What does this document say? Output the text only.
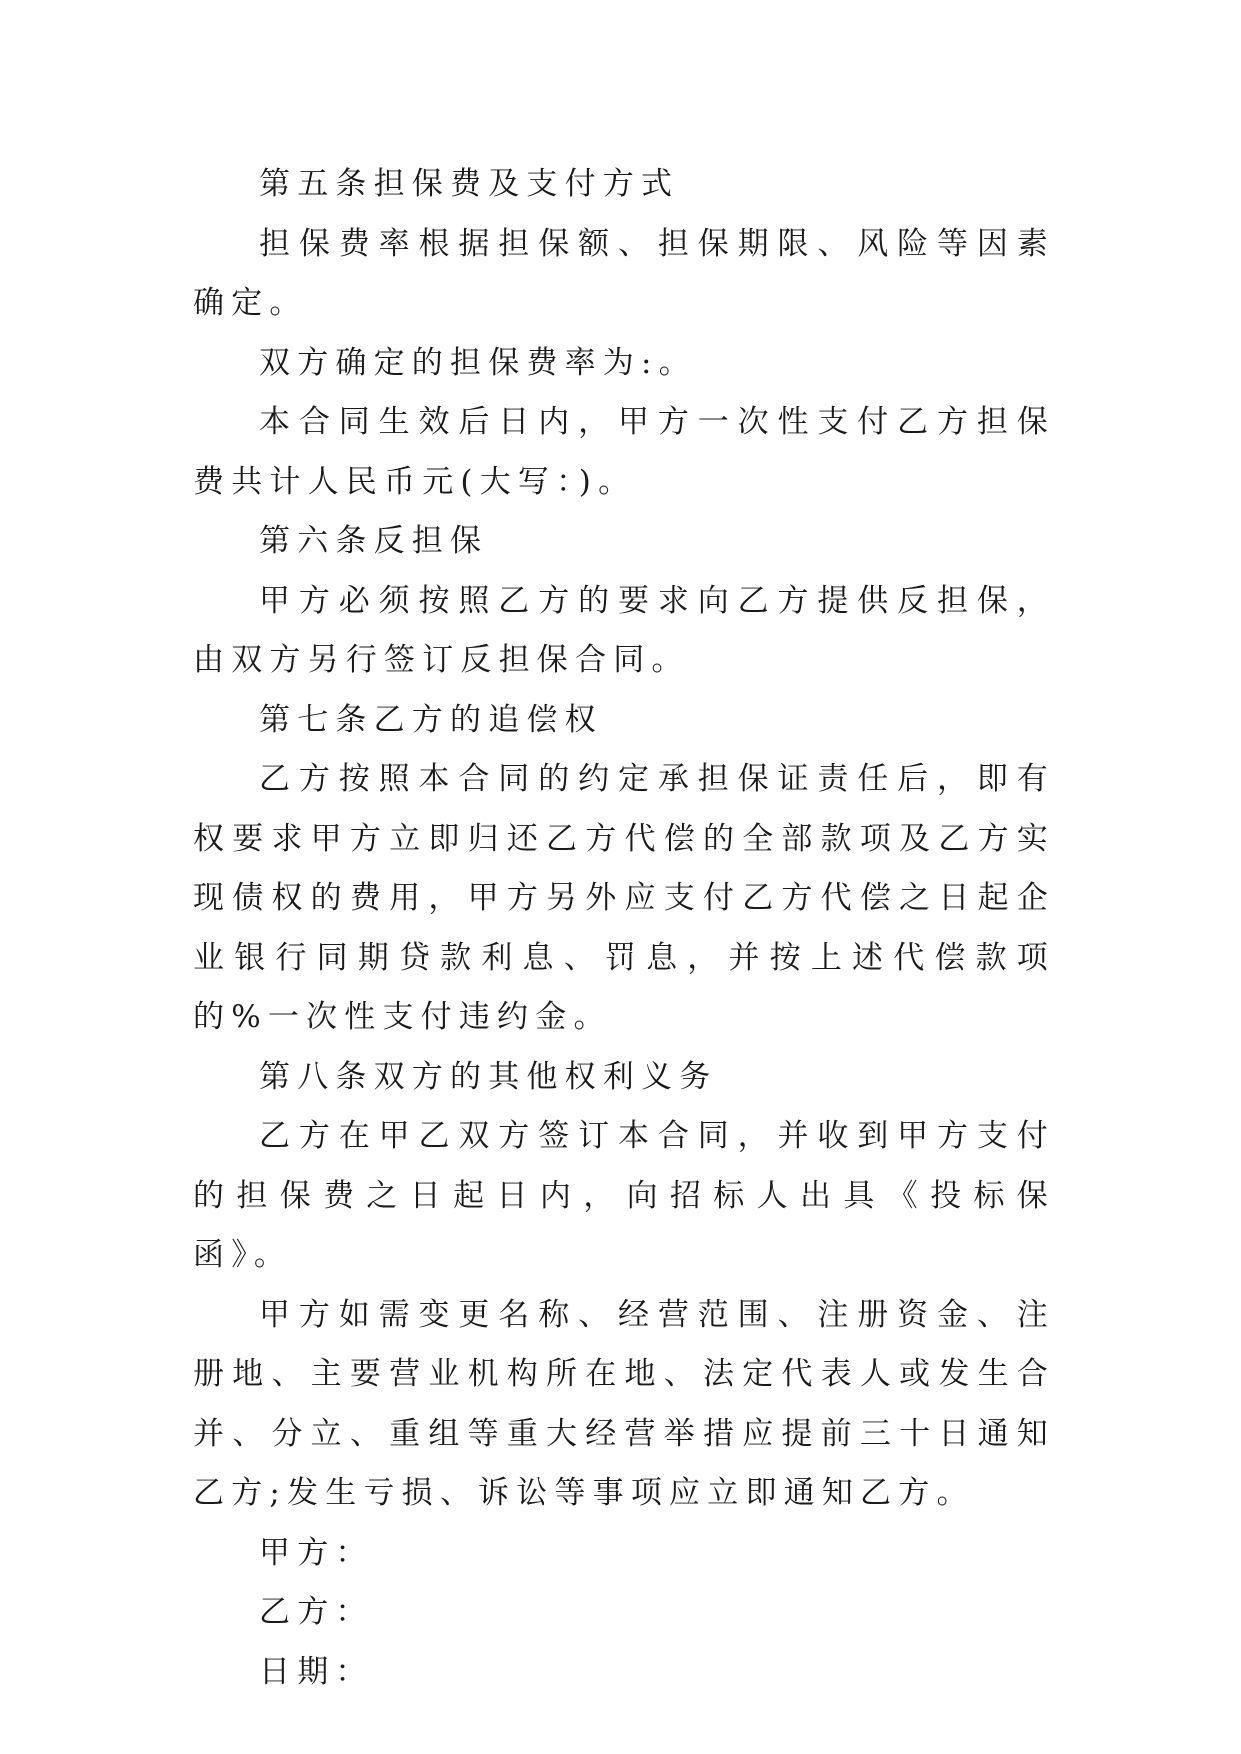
第五条担保费及支付方式

担保费率根据担保额、担保期限、风险等因素确定。

双方确定的担保费率为:。

本合同生效后日内，甲方一次性支付乙方担保费共计人民币元(大写：)。

第六条反担保

甲方必须按照乙方的要求向乙方提供反担保，由双方另行签订反担保合同。

第七条乙方的追偿权

乙方按照本合同的约定承担保证责任后，即有权要求甲方立即归还乙方代偿的全部款项及乙方实现债权的费用，甲方另外应支付乙方代偿之日起企业银行同期贷款利息、罚息，并按上述代偿款项的%一次性支付违约金。

第八条双方的其他权利义务

乙方在甲乙双方签订本合同，并收到甲方支付的担保费之日起日内，向招标人出具《投标保函》。

甲方如需变更名称、经营范围、注册资金、注册地、主要营业机构所在地、法定代表人或发生合并、分立、重组等重大经营举措应提前三十日通知乙方;发生亏损、诉讼等事项应立即通知乙方。

甲方：

乙方：

日期：
